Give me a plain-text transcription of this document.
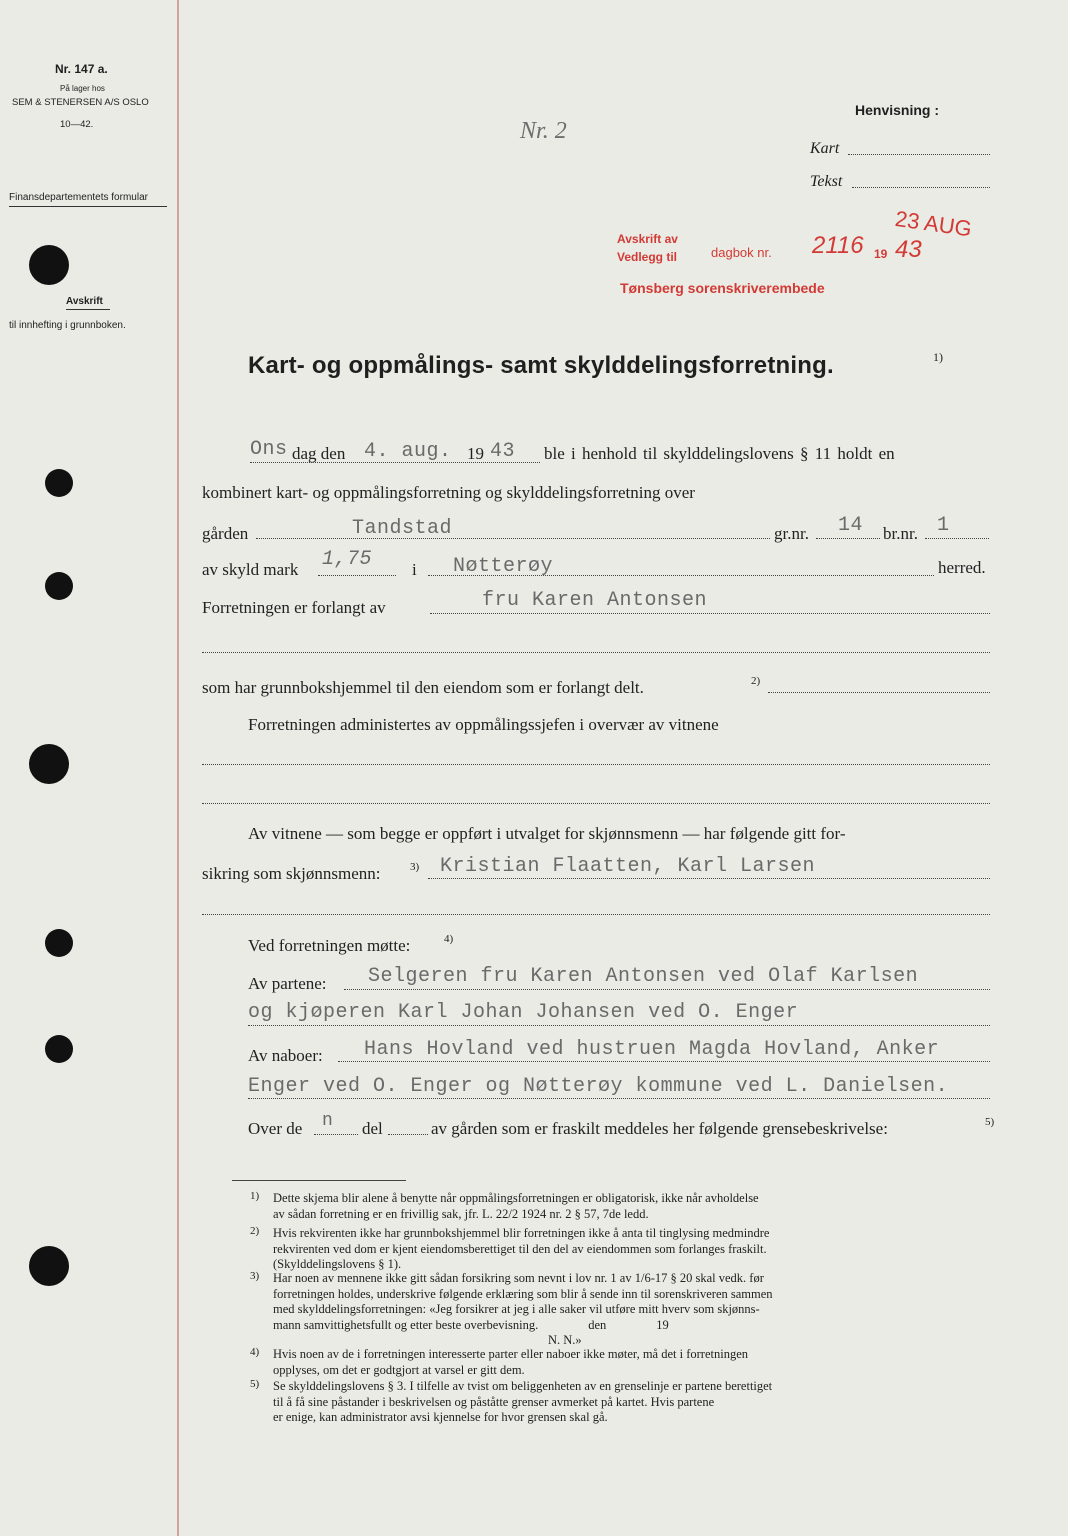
Nr. 147 a.
På lager hos
SEM & STENERSEN A/S OSLO
10—42.
Finansdepartementets formular
Avskrift
til innhefting i grunnboken.
Henvisning :
Kart
Tekst
Nr. 2
Avskrift av
Vedlegg til	dagbok nr. 2116 19 43
23 AUG
Tønsberg sorenskriverembede
Kart- og oppmålings- samt skylddelingsforretning.	1)
Ons dag den 4. aug. 19 43 ble i henhold til skylddelingslovens § 11 holdt en
kombinert kart- og oppmålingsforretning og skylddelingsforretning over
gården	Tandstad	gr.nr. 14 br.nr. 1
av skyld mark 1,75 i Nøtterøy	herred.
Forretningen er forlangt av	fru Karen Antonsen
som har grunnbokshjemmel til den eiendom som er forlangt delt.	2)
Forretningen administertes av oppmålingssjefen i overvær av vitnene
Av vitnene — som begge er oppført i utvalget for skjønnsmenn — har følgende gitt for-
sikring som skjønnsmenn:	3) Kristian Flaatten, Karl Larsen
Ved forretningen møtte:	4)
Av partene: Selgeren fru Karen Antonsen ved Olaf Karlsen
og kjøperen Karl Johan Johansen ved O. Enger
Av naboer: Hans Hovland ved hustruen Magda Hovland, Anker
Enger ved O. Enger og Nøtterøy kommune ved L. Danielsen.
Over de n del	av gården som er fraskilt meddeles her følgende grensebeskrivelse:	5)
1) Dette skjema blir alene å benytte når oppmålingsforretningen er obligatorisk, ikke når avholdelse
av sådan forretning er en frivillig sak, jfr. L. 22/2 1924 nr. 2 § 57, 7de ledd.
2) Hvis rekvirenten ikke har grunnbokshjemmel blir forretningen ikke å anta til tinglysing medmindre
rekvirenten ved dom er kjent eiendomsberettiget til den del av eiendommen som forlanges fraskilt.
(Skylddelingslovens § 1).
3) Har noen av mennene ikke gitt sådan forsikring som nevnt i lov nr. 1 av 1/6-17 § 20 skal vedk. før
forretningen holdes, underskrive følgende erklæring som blir å sende inn til sorenskriveren sammen
med skylddelingsforretningen: «Jeg forsikrer at jeg i alle saker vil utføre mitt hverv som skjønns-
mann samvittighetsfullt og etter beste overbevisning.                den                19
N. N.»
4) Hvis noen av de i forretningen interesserte parter eller naboer ikke møter, må det i forretningen
opplyses, om det er godtgjort at varsel er gitt dem.
5) Se skylddelingslovens § 3. I tilfelle av tvist om beliggenheten av en grenselinje er partene berettiget
til å få sine påstander i beskrivelsen og påståtte grenser avmerket på kartet. Hvis partene
er enige, kan administrator avsi kjennelse for hvor grensen skal gå.
